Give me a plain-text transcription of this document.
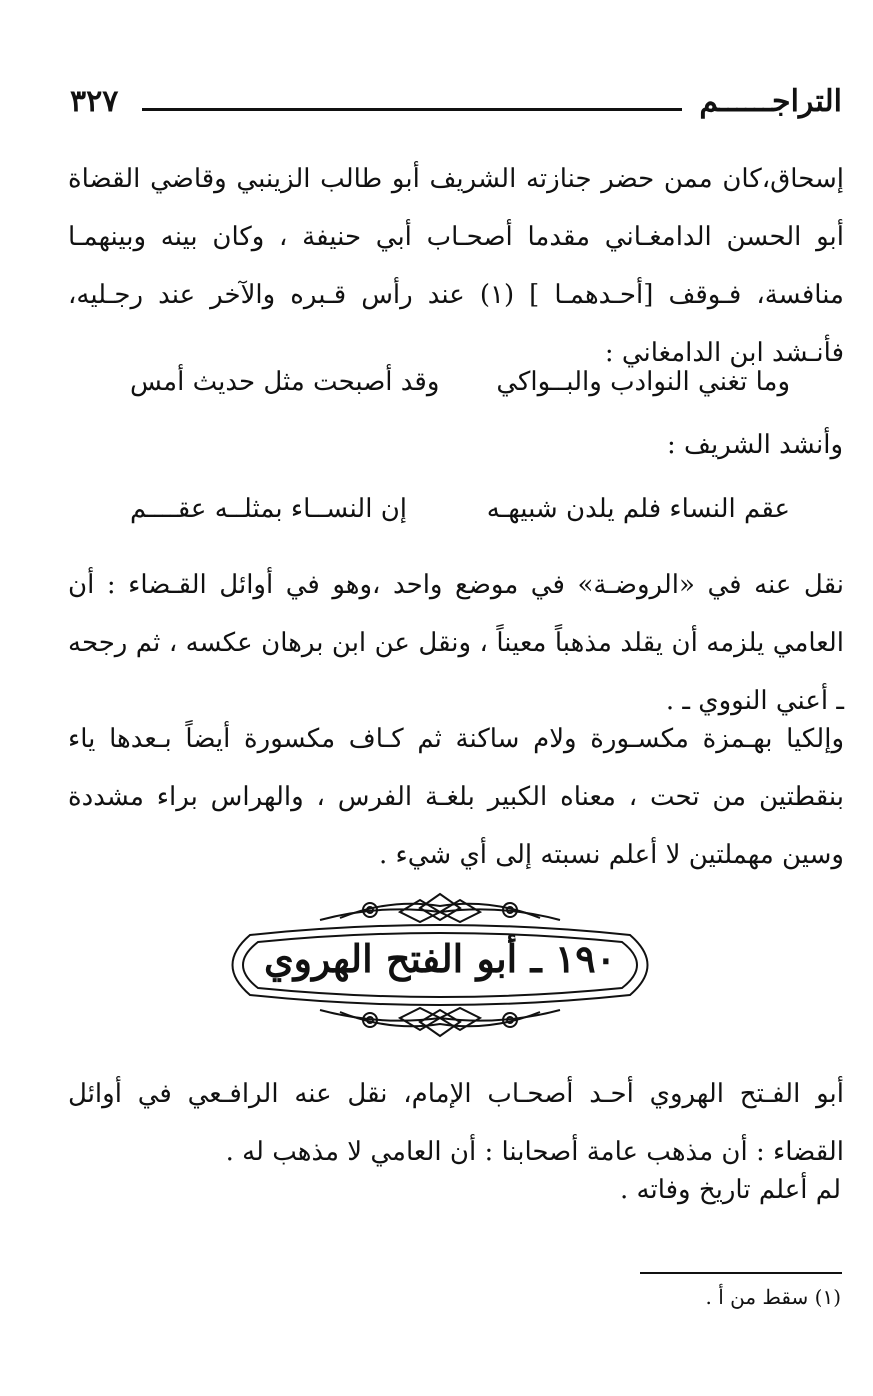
٣٢٧	التراجــــــم

إسحاق،كان ممن حضر جنازته الشريف أبو طالب الزينبي وقاضي القضاة أبو الحسن الدامغـاني مقدما أصحـاب أبي حنيفة ، وكان بينه وبينهمـا منافسة، فـوقف [أحـدهمـا ] (١) عند رأس قـبره والآخر عند رجـليه، فأنـشد ابن الدامغاني :

وما تغني النوادب والبــواكي
وقد أصبحت مثل حديث أمس
وأنشد الشريف :
عقم النساء فلم يلدن شبيهـه
إن النســاء بمثلــه عقــــم

نقل عنه في «الروضـة» في موضع واحد ،وهو في أوائل القـضاء : أن العامي يلزمه أن يقلد مذهباً معيناً ، ونقل عن ابن برهان عكسه ، ثم رجحه ـ أعني النووي ـ .

وإلكيا بهـمزة مكسـورة ولام ساكنة ثم كـاف مكسورة أيضاً بـعدها ياء بنقطتين من تحت ، معناه الكبير بلغـة الفرس ، والهراس براء مشددة وسين مهملتين لا أعلم نسبته إلى أي شيء .

١٩٠ ـ أبو الفتح الهروي

أبو الفـتح الهروي أحـد أصحـاب الإمام، نقل عنه الرافـعي في أوائل القضاء : أن مذهب عامة أصحابنا : أن العامي لا مذهب له .

لم أعلم تاريخ وفاته .
(١) سقط من أ .
